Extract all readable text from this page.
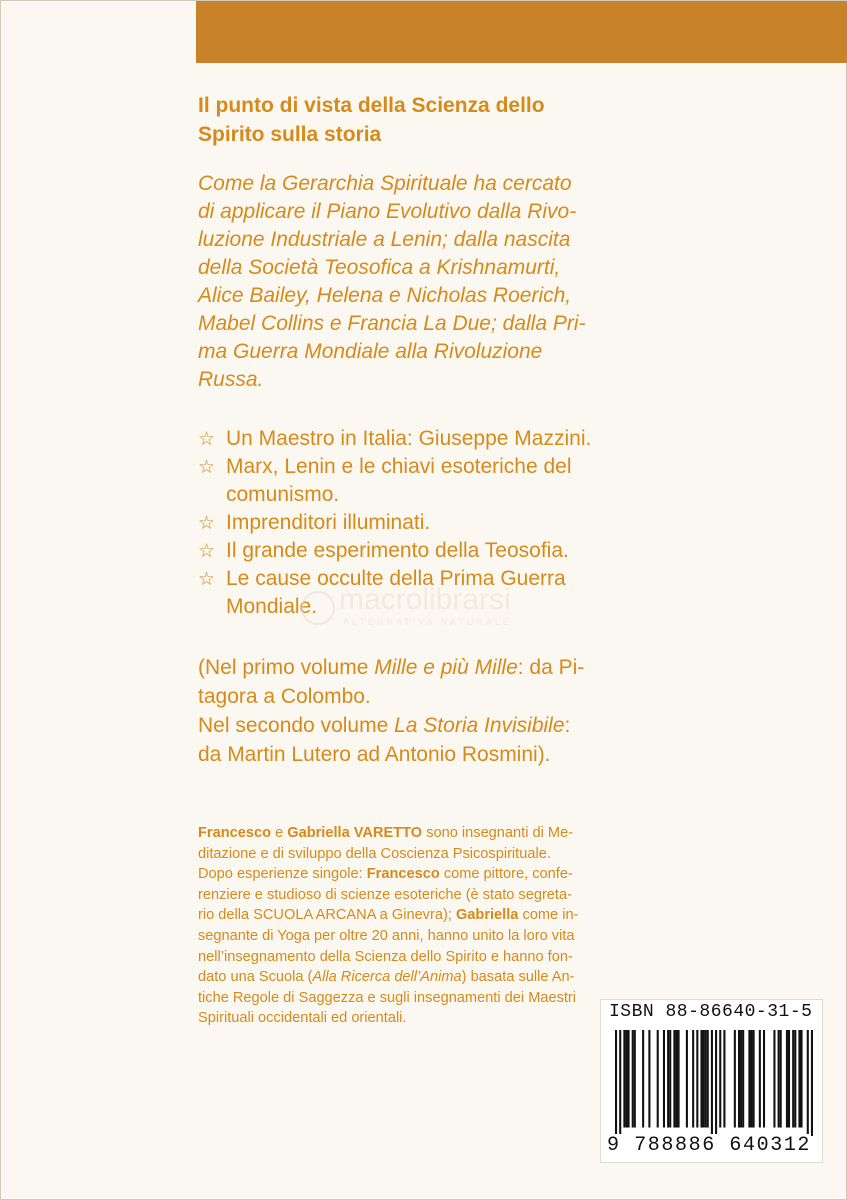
Il punto di vista della Scienza dello
Spirito sulla storia
Come la Gerarchia Spirituale ha cercato
di applicare il Piano Evolutivo dalla Rivo-
luzione Industriale a Lenin; dalla nascita
della Società Teosofica a Krishnamurti,
Alice Bailey, Helena e Nicholas Roerich,
Mabel Collins e Francia La Due; dalla Pri-
ma Guerra Mondiale alla Rivoluzione
Russa.
☆ Un Maestro in Italia: Giuseppe Mazzini.
☆ Marx, Lenin e le chiavi esoteriche del
comunismo.
☆ Imprenditori illuminati.
☆ Il grande esperimento della Teosofia.
☆ Le cause occulte della Prima Guerra
Mondiale. macrolibrarsi
ALTERNATIVA NATURALE
(Nel primo volume Mille e più Mille: da Pi-
tagora a Colombo.
Nel secondo volume La Storia Invisibile:
da Martin Lutero ad Antonio Rosmini).
Francesco e Gabriella VARETTO sono insegnanti di Me-
ditazione e di sviluppo della Coscienza Psicospirituale.
Dopo esperienze singole: Francesco come pittore, confe-
renziere e studioso di scienze esoteriche (è stato segreta-
rio della SCUOLA ARCANA a Ginevra); Gabriella come in-
segnante di Yoga per oltre 20 anni, hanno unito la loro vita
nell’insegnamento della Scienza dello Spirito e hanno fon-
dato una Scuola (Alla Ricerca dell’Anima) basata sulle An-
tiche Regole di Saggezza e sugli insegnamenti dei Maestri
Spirituali occidentali ed orientali.	ISBN 88-86640-31-5
9 788886 640312
